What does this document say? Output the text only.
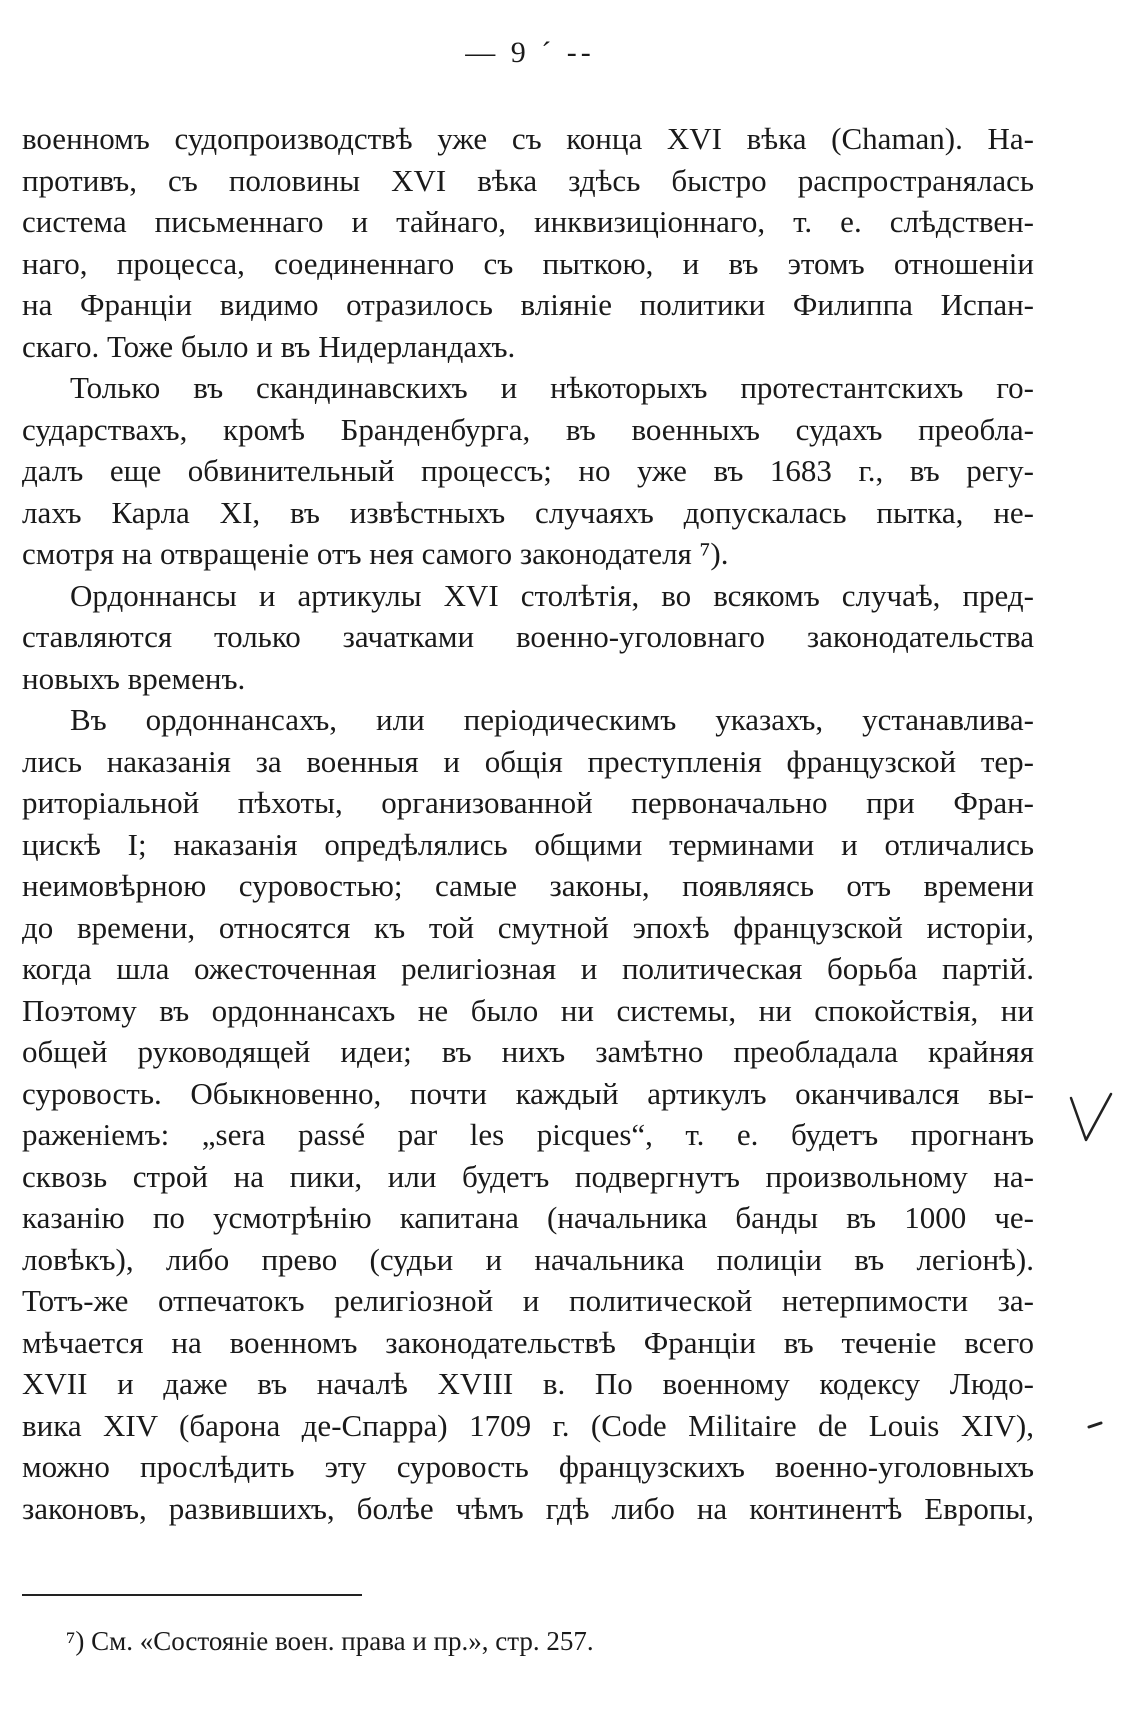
— 9 ˊ --
военномъ судопроизводствѣ уже съ конца XVI вѣка (Chaman). На-
противъ, съ половины XVI вѣка здѣсь быстро распространялась
система письменнаго и тайнаго, инквизиціоннаго, т. е. слѣдствен-
наго, процесса, соединеннаго съ пыткою, и въ этомъ отношеніи
на Франціи видимо отразилось вліяніе политики Филиппа Испан-
скаго. Тоже было и въ Нидерландахъ.
Только въ скандинавскихъ и нѣкоторыхъ протестантскихъ го-
сударствахъ, кромѣ Бранденбурга, въ военныхъ судахъ преобла-
далъ еще обвинительный процессъ; но уже въ 1683 г., въ регу-
лахъ Карла XI, въ извѣстныхъ случаяхъ допускалась пытка, не-
смотря на отвращеніе отъ нея самого законодателя ⁷).
Ордоннансы и артикулы XVI столѣтія, во всякомъ случаѣ, пред-
ставляются только зачатками военно-уголовнаго законодательства
новыхъ временъ.
Въ ордоннансахъ, или періодическимъ указахъ, устанавлива-
лись наказанія за военныя и общія преступленія французской тер-
риторіальной пѣхоты, организованной первоначально при Фран-
цискѣ I; наказанія опредѣлялись общими терминами и отличались
неимовѣрною суровостью; самые законы, появляясь отъ времени
до времени, относятся къ той смутной эпохѣ французской исторіи,
когда шла ожесточенная религіозная и политическая борьба партій.
Поэтому въ ордоннансахъ не было ни системы, ни спокойствія, ни
общей руководящей идеи; въ нихъ замѣтно преобладала крайняя
суровость. Обыкновенно, почти каждый артикулъ оканчивался вы-
раженіемъ: „sera passé par les picques“, т. е. будетъ прогнанъ
сквозь строй на пики, или будетъ подвергнутъ произвольному на-
казанію по усмотрѣнію капитана (начальника банды въ 1000 че-
ловѣкъ), либо прево (судьи и начальника полиціи въ легіонѣ).
Тотъ-же отпечатокъ религіозной и политической нетерпимости за-
мѣчается на военномъ законодательствѣ Франціи въ теченіе всего
XVII и даже въ началѣ XVIII в. По военному кодексу Людо-
вика XIV (барона де-Спарра) 1709 г. (Code Militaire de Louis XIV),
можно прослѣдить эту суровость французскихъ военно-уголовныхъ
законовъ, развившихъ, болѣе чѣмъ гдѣ либо на континентѣ Европы,
⁷) См. «Состояніе воен. права и пр.», стр. 257.
